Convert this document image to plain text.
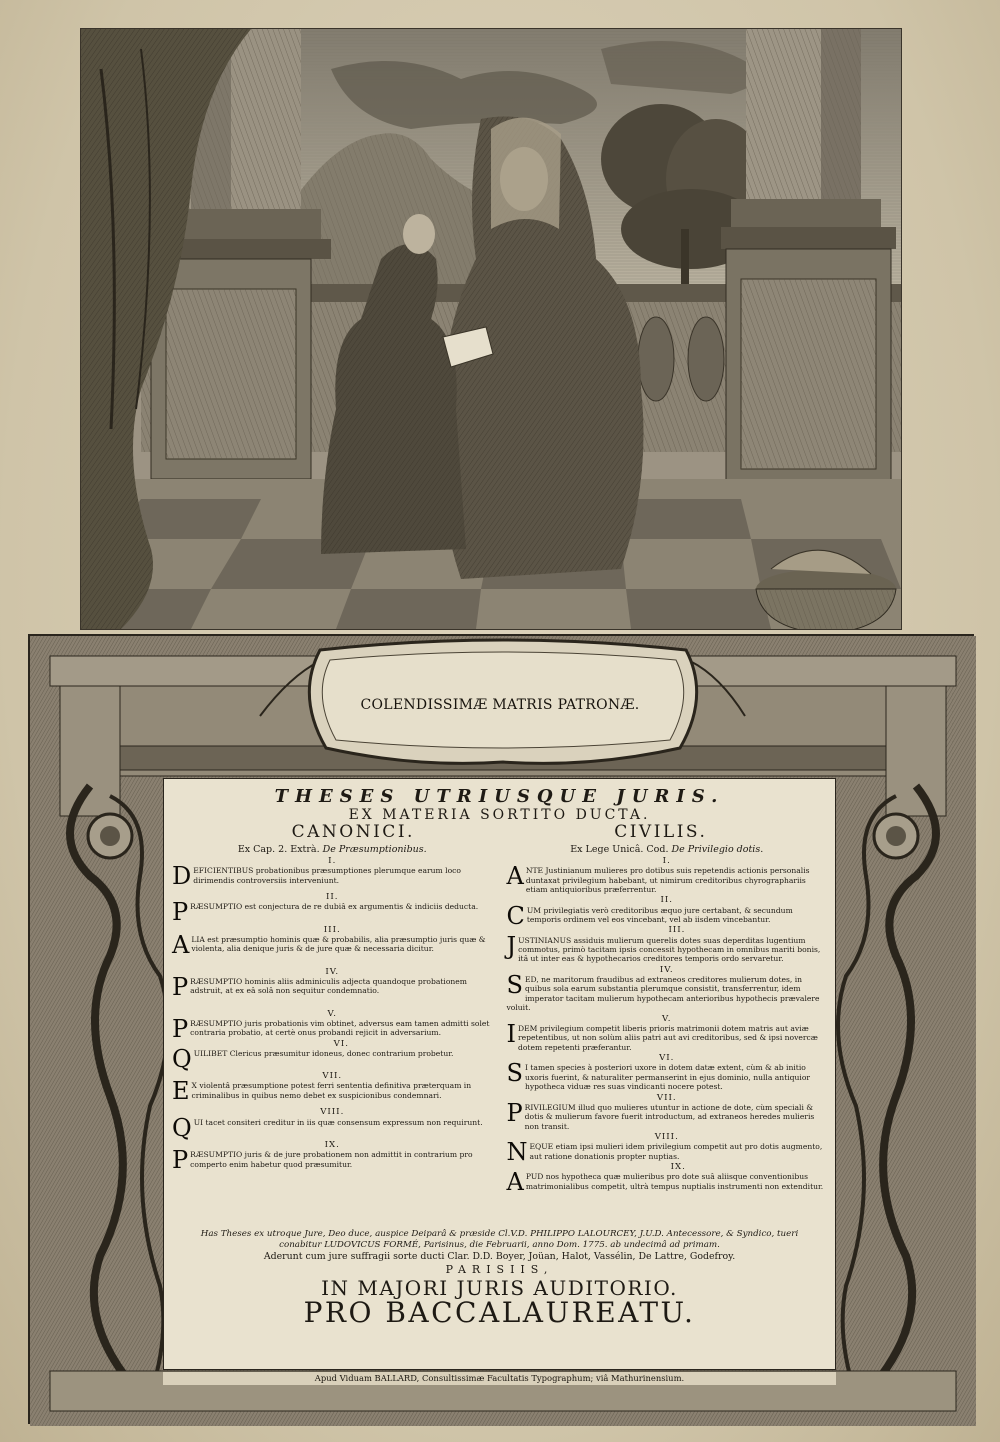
COLENDISSIMÆ MATRIS PATRONÆ.
THESES UTRIUSQUE JURIS.
EX MATERIA SORTITO DUCTA.
CANONICI.	CIVILIS.
Ex Cap. 2. Extrà. De Præsumptionibus.
I.
DEFICIENTIBUS probationibus præsumptiones plerumque earum loco dirimendis controversiis interveniunt.
II.
PRÆSUMPTIO est conjectura de re dubiâ ex argumentis & indiciis deducta.
III.
ALIA est præsumptio hominis quæ & probabilis, alia præsumptio juris quæ & violenta, alia denique juris & de jure quæ & necessaria dicitur.
IV.
PRÆSUMPTIO hominis aliis adminiculis adjecta quandoque probationem adstruit, at ex eâ solâ non sequitur condemnatio.
V.
PRÆSUMPTIO juris probationis vim obtinet, adversus eam tamen admitti solet contraria probatio, at certè onus probandi rejicit in adversarium.
VI.
QUILIBET Clericus præsumitur idoneus, donec contrarium probetur.
VII.
E X violentâ præsumptione potest ferri sententia definitiva præterquam in criminalibus in quibus nemo debet ex suspicionibus condemnari.
VIII.
QUI tacet consiteri creditur in iis quæ consensum expressum non requirunt.
IX.
PRÆSUMPTIO juris & de jure probationem non admittit in contrarium pro comperto enim habetur quod præsumitur.
Ex Lege Unicâ. Cod. De Privilegio dotis.
I.
ANTE Justinianum mulieres pro dotibus suis repetendis actionis personalis duntaxat privilegium habebant, ut nimirum creditoribus chyrographariis etiam antiquioribus præferrentur.
II.
CUM privilegiatis verò creditoribus æquo jure certabant, & secundum temporis ordinem vel eos vincebant, vel ab iisdem vincebantur.
III.
JUSTINIANUS assiduis mulierum querelis dotes suas deperditas lugentium commotus, primò tacitam ipsis concessit hypothecam in omnibus mariti bonis, itâ ut inter eas & hypothecarios creditores temporis ordo servaretur.
IV.
SED, ne maritorum fraudibus ad extraneos creditores mulierum dotes, in quibus sola earum substantia plerumque consistit, transferrentur, idem imperator tacitam mulierum hypothecam anterioribus hypothecis prævalere voluit.
V.
IDEM privilegium competit liberis prioris matrimonii dotem matris aut aviæ repetentibus, ut non solùm aliis patri aut avi creditoribus, sed & ipsi novercæ dotem repetenti præferantur.
VI.
S I tamen species à posteriori uxore in dotem datæ extent, cùm & ab initio uxoris fuerint, & naturaliter permanserint in ejus dominio, nulla antiquior hypotheca viduæ res suas vindicanti nocere potest.
VII.
PRIVILEGIUM illud quo mulieres utuntur in actione de dote, cùm speciali & dotis & mulierum favore fuerit introductum, ad extraneos heredes mulieris non transit.
VIII.
NEQUE etiam ipsi mulieri idem privilegium competit aut pro dotis augmento, aut ratione donationis propter nuptias.
IX.
APUD nos hypotheca quæ mulieribus pro dote suâ aliisque conventionibus matrimonialibus competit, ultrà tempus nuptialis instrumenti non extenditur.
Has Theses ex utroque Jure, Deo duce, auspice Deiparâ & præside Cl.V.D. PHILIPPO LALOURCEY, J.U.D. Antecessore, & Syndico, tueri conabitur LUDOVICUS FORMÉ, Parisinus, die Februarii, anno Dom. 1775. ab undecimâ ad primam.
Aderunt cum jure suffragii sorte ducti Clar. D.D. Boyer, Joüan, Halot, Vassélin, De Lattre, Godefroy.
PARISIIS,
IN MAJORI JURIS AUDITORIO.
PRO BACCALAUREATU.
Apud Viduam BALLARD, Consultissimæ Facultatis Typographum; viâ Mathurinensium.
